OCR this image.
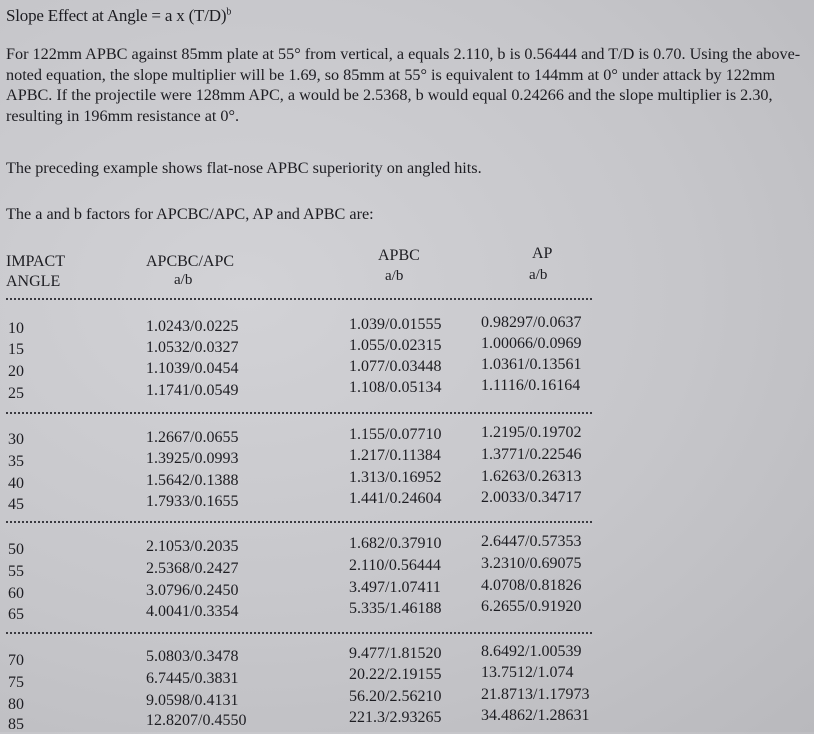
Slope Effect at Angle = a x $(T/D)^b$
For 122mm APBC against 85mm plate at 55° from vertical, a equals 2.110, b is 0.56444 and T/D is 0.70. Using the above-noted equation, the slope multiplier will be 1.69, so 85mm at 55° is equivalent to 144mm at 0° under attack by 122mm APBC. If the projectile were 128mm APC, a would be 2.5368, b would equal 0.24266 and the slope multiplier is 2.30, resulting in 196mm resistance at 0°.
The preceding example shows flat-nose APBC superiority on angled hits.
The a and b factors for APCBC/APC, AP and APBC are:
IMPACT
ANGLE
APCBC/APC	APBC	AP
a/b	a/b	a/b
10	1.0243/0.0225	1.039/0.01555 0.98297/0.0637
15	1.0532/0.0327	1.055/0.02315 1.00066/0.0969
20	1.1039/0.0454	1.077/0.03448 1.0361/0.13561
25	1.1741/0.0549	1.108/0.05134 1.1116/0.16164
30	1.2667/0.0655	1.155/0.07710 1.2195/0.19702
35	1.3925/0.0993	1.217/0.11384	1.3771/0.22546
40	1.5642/0.1388	1.313/0.16952 1.6263/0.26313
45	1.7933/0.1655	1.441/0.24604 2.0033/0.34717
50	2.1053/0.2035	1.682/0.37910 2.6447/0.57353
55	2.5368/0.2427	2.110/0.56444	3.2310/0.69075
60	3.0796/0.2450	3.497/1.07411	4.0708/0.81826
65	4.0041/0.3354	5.335/1.46188 6.2655/0.91920
70	5.0803/0.3478	9.477/1.81520 8.6492/1.00539
75	6.7445/0.3831	20.22/2.19155 13.7512/1.074
80	9.0598/0.4131	56.20/2.56210 21.8713/1.17973
85	12.8207/0.4550	221.3/2.93265 34.4862/1.28631
